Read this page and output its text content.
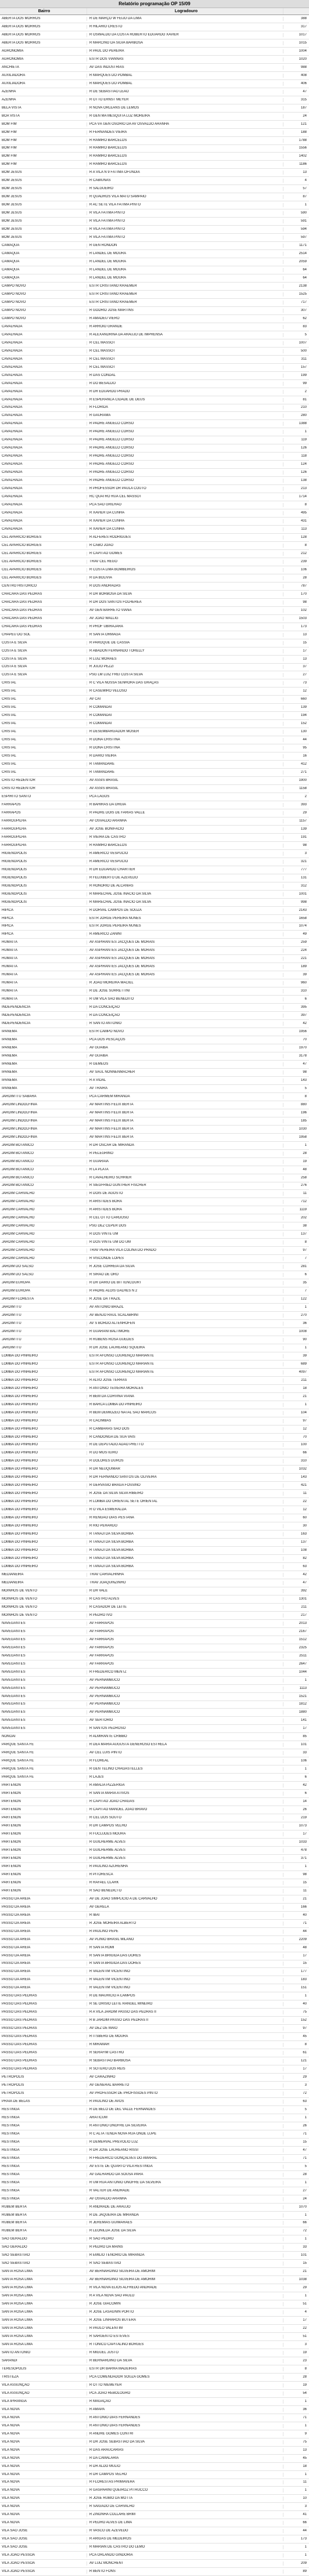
Relatório programação OP 15/09
Bairro	Logradouro
ABERTA DOS MORROS	R DE MARÇO W FEIJÓ DA LIMA	388
ABERTA DOS MORROS	R HILARIO CRESTO	317
ABERTA DOS MORROS	R OSWALDO DA COSTA ROBERTO EDUARDO XAVIER	1017
ABERTA DOS MORROS	R MARCINO DA SILVA BARBOSA	1015
AGRONOMIA	R PAUL DO PEREIRA	1004
AGRONOMIA	ESTR DOS VIANNAS	1020
ANCHIETA	AV DAS INDUSTRIAS	988
AUXILIADORA	R MARQUÊS DO POMBAL	408
AUXILIADORA	R MARQUÊS DO POMBAL	406
AZENHA	R DE SEBASTIÃO LEÃO	47
AZENHA	R OTTO ERNST MEYER	315
BELA VISTA	R NOVA ORLEANS DE LEMOS	187
BOA VISTA	R GEN MA MESQUITA LUZ MOREIRA	24
BOM FIM	PCA VÁ GEN OSÓRIO DA AV OSVALDO ARANHA	121
BOM FIM	R FERNANDES VIEIRA	188
BOM FIM	R RAMIRO BARCELOS	1788
BOM FIM	R RAMIRO BARCELOS	1556
BOM FIM	R RAMIRO BARCELOS	1402
BOM FIM	R RAMIRO BARCELOS	1186
BOM JESUS	R A VILA N 9 FÁTIMA OFUNDIA	13
BOM JESUS	R CABIUNAS	4
BOM JESUS	R SALGUEIRO	57
BOM JESUS	R QUADROS VILA MATO SAMPAIO	87
BOM JESUS	R AC SETE VILA FATIMA PINTO	1
BOM JESUS	R VILA FATIMA PINTO	590
BOM JESUS	R VILA FATIMA PINTO	591
BOM JESUS	R VILA FATIMA PINTO	594
BOM JESUS	R VILA FATIMA PINTO	597
CAMAQUA	R GEN RONDON	1171
CAMAQUA	R LANDEL DE MOURA	2514
CAMAQUA	R LANDEL DE MOURA	2059
CAMAQUA	R LANDEL DE MOURA	64
CAMAQUA	R LANDEL DE MOURA	64
CAMPO NOVO	ESTR CRISTIANO KRAEMER	2138
CAMPO NOVO	ESTR CRISTIANO KRAEMER	1525
CAMPO NOVO	ESTR CRISTIANO KRAEMER	717
CAMPO NOVO	R GODRID JOSE MARTINS	307
CAMPO NOVO	R AMADEU VIERO	62
CAVALHADA	R ARROIO GRANDE	83
CAVALHADA	R ALEXANDRINA DA ARAUJO DE IMPRENSA	5
CAVALHADA	R CEL MASSOT	1007
CAVALHADA	R CEL MASSOT	500
CAVALHADA	R CEL MASSOT	311
CAVALHADA	R CEL MASSOT	157
CAVALHADA	R DAS CONDAL	199
CAVALHADA	R DO BESALDO	99
CAVALHADA	R DR EDUARDO PRADO	2
CAVALHADA	R ESPERANCA CIDADE DE DEUS	81
CAVALHADA	R FLORIDA	210
CAVALHADA	R GAURAMA	280
CAVALHADA	R PADRE ANGELO CORSO	1388
CAVALHADA	R PADRE ANGELO CORSO	1
CAVALHADA	R PADRE ANGELO CORSO	119
CAVALHADA	R PADRE ANGELO CORSO	126
CAVALHADA	R PADRE ANGELO CORSO	118
CAVALHADA	R PADRE ANGELO CORSO	124
CAVALHADA	R PADRE ANGELO CORSO	126
CAVALHADA	R PADRE ANGELO CORSO	138
CAVALHADA	R PROFESSOR DR PAULA COUTO	213
CAVALHADA	RC QUATRO RUA CEL MASSOT	1714
CAVALHADA	PCA SÃO GRILHAO	8
CAVALHADA	R XAVIER DA CUNHA	495
CAVALHADA	R XAVIER DA CUNHA	431
CAVALHADA	R XAVIER DA CUNHA	113
CEL APARICIO BORGES	R ALFERES RODRIGUES	128
CEL APARICIO BORGES	R CABO JOÃO	8
CEL APARICIO BORGES	R CAPITÃO GOMES	212
CEL APARICIO BORGES	TRAV CEL REGO	239
CEL APARICIO BORGES	R COSTA LIMA BOMBEIROS	106
CEL APARICIO BORGES	R DA BOLIVIA	28
CENTRO HISTORICO	R DOS ANDRADAS	787
CHACARA DAS PEDRAS	R DR BORBOSA DA SILVA	170
CHACARA DAS PEDRAS	R DR DOS SANTOS FOLHEREA	98
CHACARA DAS PEDRAS	AV GEN BARRETO VIANA	102
CHACARA DAS PEDRAS	AV JOÃO WALLIG	1503
CHACARA DAS PEDRAS	R PROF UBIRAJARA	173
CHAPEU DO SOL	R SANTA ORMAGA	13
COSTA E SILVA	R PAROQUE DE CASSIA	15
COSTA E SILVA	R ABADON FERNANDO TORELLY	17
COSTA E SILVA	R LUIZ MORAES	13
COSTA E SILVA	R JULIO PEZZI	37
COSTA E SILVA	PSG LM LUIZ FREI COSTA SILVA	27
CRISTAL	R C VILA NOSSA SENHORA DAS GRAÇAS	73
CRISTAL	R CASEMIRO VELOSO	12
CRISTAL	AV CAI	660
CRISTAL	R COMANDAI	139
CRISTAL	R COMANDAI	194
CRISTAL	R COMANDAI	152
CRISTAL	R DESEMBARGADOR MOSER	130
CRISTAL	R DONA CRISTINA	44
CRISTAL	R DONA CRISTINA	95
CRISTAL	R DARIO VIEIRA	16
CRISTAL	R TAMANDARÉ	412
CRISTAL	R TAMANDARÉ	271
CRISTO REDENTOR	AV ASSIS BRASIL	1900
CRISTO REDENTOR	AV ASSIS BRASIL	1158
ESPÍRITO SANTO	PCA LAGOS	2
FARRAPOS	R BAHIRAS DA ORGIA	393
FARRAPOS	R PADRE DOIS DE FARIAS VALLE	29
FARROUPILHA	AV OSVALDO ARANHA	1157
FARROUPILHA	AV JOSE BONIFACIO	139
FARROUPILHA	R VIEIRA DE CASTRO	191
FARROUPILHA	R RAMIRO BARCELOS	98
HIGIENÓPOLIS	R AMERICO VESPÚCIO	3
HIGIENÓPOLIS	R AMERICO VESPÚCIO	321
HIGIENÓPOLIS	R DR EDUARDO CHARTIER	777
HIGIENÓPOLIS	R FELIXBERTO DE AZEVEDO	131
HIGIENÓPOLIS	R HONORIO DE ALCANIAS	312
HIGIENÓPOLIS	R MARECHAL JOSÉ INACIO DA SILVA	1001
HIGIENÓPOLIS	R MARECHAL JOSÉ INACIO DA SILVA	998
HÍPICA	R DORVAL CAMPOS DE SOUZA	2143
HÍPICA	ESTR JORGE PEREIRA NUNES	1658
HÍPICA	ESTR JORGE PEREIRA NUNES	1074
HÍPICA	R AMERICO ZANINI	49
HUMAITÁ	AV ASPIRANTES JACQUES DE MORAIS	259
HUMAITÁ	AV ASPIRANTES JACQUES DE MORAIS	224
HUMAITÁ	AV ASPIRANTES JACQUES DE MORAIS	221
HUMAITÁ	AV ASPIRANTES JACQUES DE MORAIS	189
HUMAITÁ	AV ASPIRANTES JACQUES DE MORAIS	39
HUMAITÁ	R JOAO MOREIRA MACIEL	960
HUMAITÁ	R DE JOSE SURRETTINI	310
HUMAITÁ	R UM VILA SÃO BENEDITO	6
INDEPENDÊNCIA	R DA CONCEIÇÃO	395
INDEPENDÊNCIA	R DA CONCEIÇÃO	397
INDEPENDÊNCIA	R SANTO ANTONIO	42
IPANEMA	ESTR CAMPO NOVO	1956
IPANEMA	PCA DOS PESCAÇÕS	70
IPANEMA	AV GUAÍBA	1970
IPANEMA	AV GUAÍBA	3178
IPANEMA	R GÊMEOS	47
IPANEMA	AV SAUL NONNENMACHER	98
IPANEMA	R A VIDAL	143
IPANEMA	AV TRAIRA	5
JARDIM ITU SABARA	PCA CARMEM MIRANDA	8
JARDIM LINDOLFINIA	AV MARTINS FELIX BERTA	880
JARDIM LINDOLFINIA	AV MARTINS FELIX BERTA	196
JARDIM LINDOLFINIA	AV MARTINS FELIX BERTA	185
JARDIM LINDOLFINIA	AV MARTINS FELIX BERTA	1030
JARDIM LINDOLFINIA	AV MARTINS FELIX BERTA	1958
JARDIM BOTANICO	R DR OSCAR DE MIRANDA	1
JARDIM BOTANICO	R PELEGRINO	28
JARDIM BOTANICO	R GUARAIA	19
JARDIM BOTANICO	R LA PLATA	48
JARDIM BOTANICO	R CAVALHEIRO SCHRIER	258
JARDIM BOTANICO	R SIEGFRIED GUNTHER FISCHER	276
JARDIM CARVALHO	R DOIS DE AGOSTO	11
JARDIM CARVALHO	R ARISTIDES BORA	712
JARDIM CARVALHO	R ARISTIDES BORA	1119
JARDIM CARVALHO	R CEL OTTO CARDOSO	202
JARDIM CARVALHO	PSG DEZ CEPER DOS	38
JARDIM CARVALHO	R DOS VINTE UM	137
JARDIM CARVALHO	R DOS VINTE UM DO UM	8
JARDIM CARVALHO	TRAV PEREIRA VILA COLINA DO PRADO	97
JARDIM CARVALHO	R VISCONDE LOPES	7
JARDIM DO SALSO	R JOSÉ CORREIA DA SILVA	281
JARDIM DO SALSO	R SIRAO DE ORO	6
JARDIM EUROPA	R DR DARIO DE BITTENCOURT	35
JARDIM EUROPA	R PADRE ALOIS GALHES N 2	7
JARDIM FLORESTA	R JOSE DA TRAZIL	122
JARDIM ITU	AV ANTONIO BRAZIL	1
JARDIM ITU	AV BENJO RAUL SCALABRINI	270
JARDIM ITU	AV S BORDO ALTENHOFEN	36
JARDIM ITU	R GUARANI BALTIMORE	1008
JARDIM ITU	R RUBENS ROSA GUEDES	90
JARDIM ITU	R DR JOSE LAUREANO SQUEIRA	1
LOMBA DO PINHEIRO	ESTR AFONSO LOURENÇO MARIANTE	39
LOMBA DO PINHEIRO	ESTR AFONSO LOURENÇO MARIANTE	689
LOMBA DO PINHEIRO	ESTR AFONSO LOURENÇO MARIANTE	4097
LOMBA DO PINHEIRO	R ALVO JOSÉ TERRAS	211
LOMBA DO PINHEIRO	R ANTONIO TEIXEIRA MORALES	18
LOMBA DO PINHEIRO	R BEM DA CORVINA VIANA	21
LOMBA DO PINHEIRO	R BARCA LOMBA DO PINHEIRO	1
LOMBA DO PINHEIRO	R BEM DEMIOZEO NATAL SÃO MARCOS	104
LOMBA DO PINHEIRO	R CACIMBAS	97
LOMBA DO PINHEIRO	R CAMBARAS SAO DOS	12
LOMBA DO PINHEIRO	R CANDONGA DE SUA VAIS	70
LOMBA DO PINHEIRO	R DE DEPUTADO ADÃO PRETTO	100
LOMBA DO PINHEIRO	R DO MOSTEIRO	66
LOMBA DO PINHEIRO	R DOLORES DUROS	310
LOMBA DO PINHEIRO	R DR NEUQUIMAR	1032
LOMBA DO PINHEIRO	R DR FERNANDO SANTOS DE OLIVEIRA	143
LOMBA DO PINHEIRO	R GERVASIO BRAGA FOSSINO	421
LOMBA DO PINHEIRO	R JOSE DA SILVA SILVA RIBEIRO	11
LOMBA DO PINHEIRO	R LOMBA DO ORIENTAL SETE ORIENTAL	22
LOMBA DO PINHEIRO	R O VILA ESMERALDA	12
LOMBA DO PINHEIRO	R RENGÃO DIAS PESTANA	60
LOMBA DO PINHEIRO	R RIO PERARDO	30
LOMBA DO PINHEIRO	R TANAJI DA SILVA BORBA	163
LOMBA DO PINHEIRO	R TANAJI DA SILVA BORBA	137
LOMBA DO PINHEIRO	R TANAJI DA SILVA BORBA	108
LOMBA DO PINHEIRO	R TANAJI DA SILVA BORBA	82
LOMBA DO PINHEIRO	R TANAJI DA SILVA BORBA	63
MEDIANEIRA	TRAV CARVALHINHA	42
MEDIANEIRA	TRAV JOAQUINZINHO	47
MOINHOS DE VENTO	R DR VALE	392
MOINHOS DE VENTO	R CASTRO ALVES	1301
MOINHOS DE VENTO	R CASADOR DE LEITE	211
MOINHOS DE VENTO	R PEDRO IVO	217
NAVEGANTES	AV FARRAPOS	2013
NAVEGANTES	AV FARRAPOS	2167
NAVEGANTES	AV FARRAPOS	1512
NAVEGANTES	AV FARRAPOS	2325
NAVEGANTES	AV FARRAPOS	2511
NAVEGANTES	AV FARRAPOS	2647
NAVEGANTES	R FREDERICO MENTZ	1044
NAVEGANTES	AV PERNAMBUCO	1
NAVEGANTES	AV PERNAMBUCO	1113
NAVEGANTES	AV PERNAMBUCO	1521
NAVEGANTES	AV PERNAMBUCO	1812
NAVEGANTES	AV PERNAMBUCO	1880
NAVEGANTES	AV SERTORIO	141
NAVEGANTES	R SANTOS PEDROSO	17
NONOAI	R ALMIRANTE CRIBBO	85
PARQUE SANTA FÉ	R DEA MARIA AUGUSTA GENEROSO ESTRELA	101
PARQUE SANTA FÉ	AV CEL LUIS PINTO	33
PARQUE SANTA FÉ	R FLOREAL	106
PARQUE SANTA FÉ	R GEN TELINO CHAGASTELLES	1
PARQUE SANTA FÉ	R LAJES	6
PARTENON	R AMALIA PIZZERIGA	42
PARTENON	R SANTA MARIA ATIVOS	6
PARTENON	R CAPITÃO JOÃO CHAGAS	14
PARTENON	R CAPITÃO MANOEL JOÃO BRAVO	26
PARTENON	R CEL DOS SOUTO	219
PARTENON	R DR CAMPOS VELHO	1073
PARTENON	R FUCLUDES MOURA	17
PARTENON	R GUILHERME ALVES	1033
PARTENON	R GUILHERME ALVES	478
PARTENON	R GUILHERME ALVES	371
PARTENON	R PAULINO AZURENHA	1
PARTENON	R PITORESCA	98
PARTENON	R RAFAEL CLARK	15
PARTENON	R SAO BENEDICTO	11
PASSO DA AREIA	AV DE JOÃO SIMPLICIO A DE CARVALHO	21
PASSO DA AREIA	AV GERELA	166
PASSO DA AREIA	R IBAI	40
PASSO DA AREIA	R JOSÉ MOREIRA ALBERTO	71
PASSO DA AREIA	R PAULINO PEPE	44
PASSO DA AREIA	AV PLINIO BRASIL MILANO	2209
PASSO DA AREIA	R SANTA ROMI	48
PASSO DA AREIA	R SANTA BRIGIDA DAS DORES	17
PASSO DA AREIA	R SANTA BRIGIDA DAS DORES	15
PASSO DA AREIA	R VALENTIM VICENTINO	177
PASSO DA AREIA	R VALENTIM VICENTINO	183
PASSO DA AREIA	R VALENTIM VICENTINO	151
PASSO DAS PEDRAS	R DE MAURICIO A CAMPOS	1
PASSO DAS PEDRAS	R SE ORISIO LEITE RANGEL MINEIRO	40
PASSO DAS PEDRAS	R A VILA JARDIM PASSO DAS PEDRAS II	75
PASSO DAS PEDRAS	R B JARDIM PASSO DAS PEDRAS II	152
PASSO DAS PEDRAS	AV DEZ DE MAIO	97
PASSO DAS PEDRAS	R ITSBERG DE MOURA	45
PASSO DAS PEDRAS	R MIRAMAR	8
PASSO DAS PEDRAS	R SERAFIM CASTRO	61
PASSO DAS PEDRAS	R SEBASTIÃO BARBOSA	121
PASSO DAS PEDRAS	R SOTERO DOS REIS	17
PETRÓPOLIS	AV CARAZINHO	29
PETRÓPOLIS	AV GENERAL BARRETO	3
PETRÓPOLIS	AV PROFESSOR DE PROFISSOES PINTO	72
PRAIA DE BELAS	R PAULINO DE AVOS	63
RESTINGA	R DE BELO DE DEL VALLE FERNANDES	5
RESTINGA	ARATICUM	1
RESTINGA	R ANTONIO ONOFRE DA SILVEIRA	26
RESTINGA	R C ALTA TENDA NOVA RUA ONDE LUPE	71
RESTINGA	R DEMERVAL PREVOLIO LUZ	15
RESTINGA	R DR JOSE LAUREANO RISSI	47
RESTINGA	R FREDERICO GONÇALVES DO AMARAL	71
RESTINGA	AV ESTE DE QUARTO VILA RESTINGA	5
RESTINGA	AV GALHARDO DA SOUSA PARA	28
RESTINGA	R UM RUA ANTONIO ONOFRE DA SILVEIRA	1
RESTINGA	R VALTER DE ANDRADE	27
RESTINGA	AV OSVALDO ARANHA	24
RUBEM BERTA	R ANDRADE DE ARAUJO	1070
RUBEM BERTA	R DE JAQUEIRA DE MIRANDA	1
RUBEM BERTA	R JEREMIAS GUIMARÃES	66
RUBEM BERTA	R LEONILDA JOSE DA SILVA	72
SAO GERALDO	R SÃO PEDRO	1
SAO GERALDO	R PEDRO DA MAINS	33
SAO SEBASTIAO	R EMILIO TENORIO DE MIRANDA	101
SAO SEBASTIAO	R SAO SEBASTIAO	15
SANTA ROSA LIMA	AV BERNARDINO SILVEIRA DE AMORIM	21
SANTA ROSA LIMA	AV BERNARDINO SILVEIRA DE AMORIM	1038
SANTA ROSA LIMA	R VILA NOVA ELIOS ALFREDO ANDRADE	29
SANTA ROSA LIMA	R A VILA NOVA SÃO PAULO	1
SANTA ROSA LIMA	R JOSE GIACOMIN	51
SANTA ROSA LIMA	R JOSE LASAGNIN PORTO	4
SANTA ROSA LIMA	R JOSE LINHAROS BUTERA	17
SANTA ROSA LIMA	R PAULO VALENTIM	22
SANTA ROSA LIMA	R SARGENTO ESTEVES	51
SANTA ROSA LIMA	R TONICO CAPITALINO BORGES	3
SANTO ANTONIO	R MIGUEL JUSTO	19
SARANDI	R BERNARDINO DA SILVA	23
TERESOPOLIS	ESTR DR BARRA MADEIRAS	8
TRISTEZA	PCA COMENDADOR SOUZA GOMES	28
VILA ASSUNÇÃO	R OTTO NIEMEYER	19
VILA ASSUNÇÃO	PCA JOÃO REBOLOGRO	54
VILA IPIRANGA	R MAGAÇÃO	1
VILA NOVA	R AMAPA	36
VILA NOVA	R ANTONIO DIAS FERNANDES	71
VILA NOVA	R ANTONIO DIAS FERNANDES	1
VILA NOVA	R ANDRÉ GOMES CONTRI	9
VILA NOVA	R DR JOSÉ SEBASTIÃO DA SILVA	75
VILA NOVA	R DAS ARAUCÁRIAS	13
VILA NOVA	R DA CAMALARIA	45
VILA NOVA	R DR ALDO MULIO	18
VILA NOVA	R DR CAMPOS VELHO	1
VILA NOVA	R FLORESTAS PRIMAVERA	11
VILA NOVA	R GASPARINI QUEIROZ PITRUCCO	1
VILA NOVA	R JOSÉ RUBIO DA MOTTA	10
VILA NOVA	R SAIGADO DE CARVALHO	3
VILA NOVA	R ZINONHA COLLARE BRIM	41
VILA NOVA	R PEDRO ALVES DE LIMA	66
VILA SÃO JOSÉ	R VASCO DE AZEVEDO	44
VILA SÃO JOSÉ	R ARIGÁS DE MEDEIROS	173
VILA SÃO JOSÉ	R MARIAN DE CASTRO DO LEMO	1
VILA JOÃO PESSOA	PCA ORLANDO GINDORIA	1
VILA JOÃO PESSOA	AV LUIZ MONCHENT	209
VILA JOÃO PESSOA	R BENTO FONS	89
